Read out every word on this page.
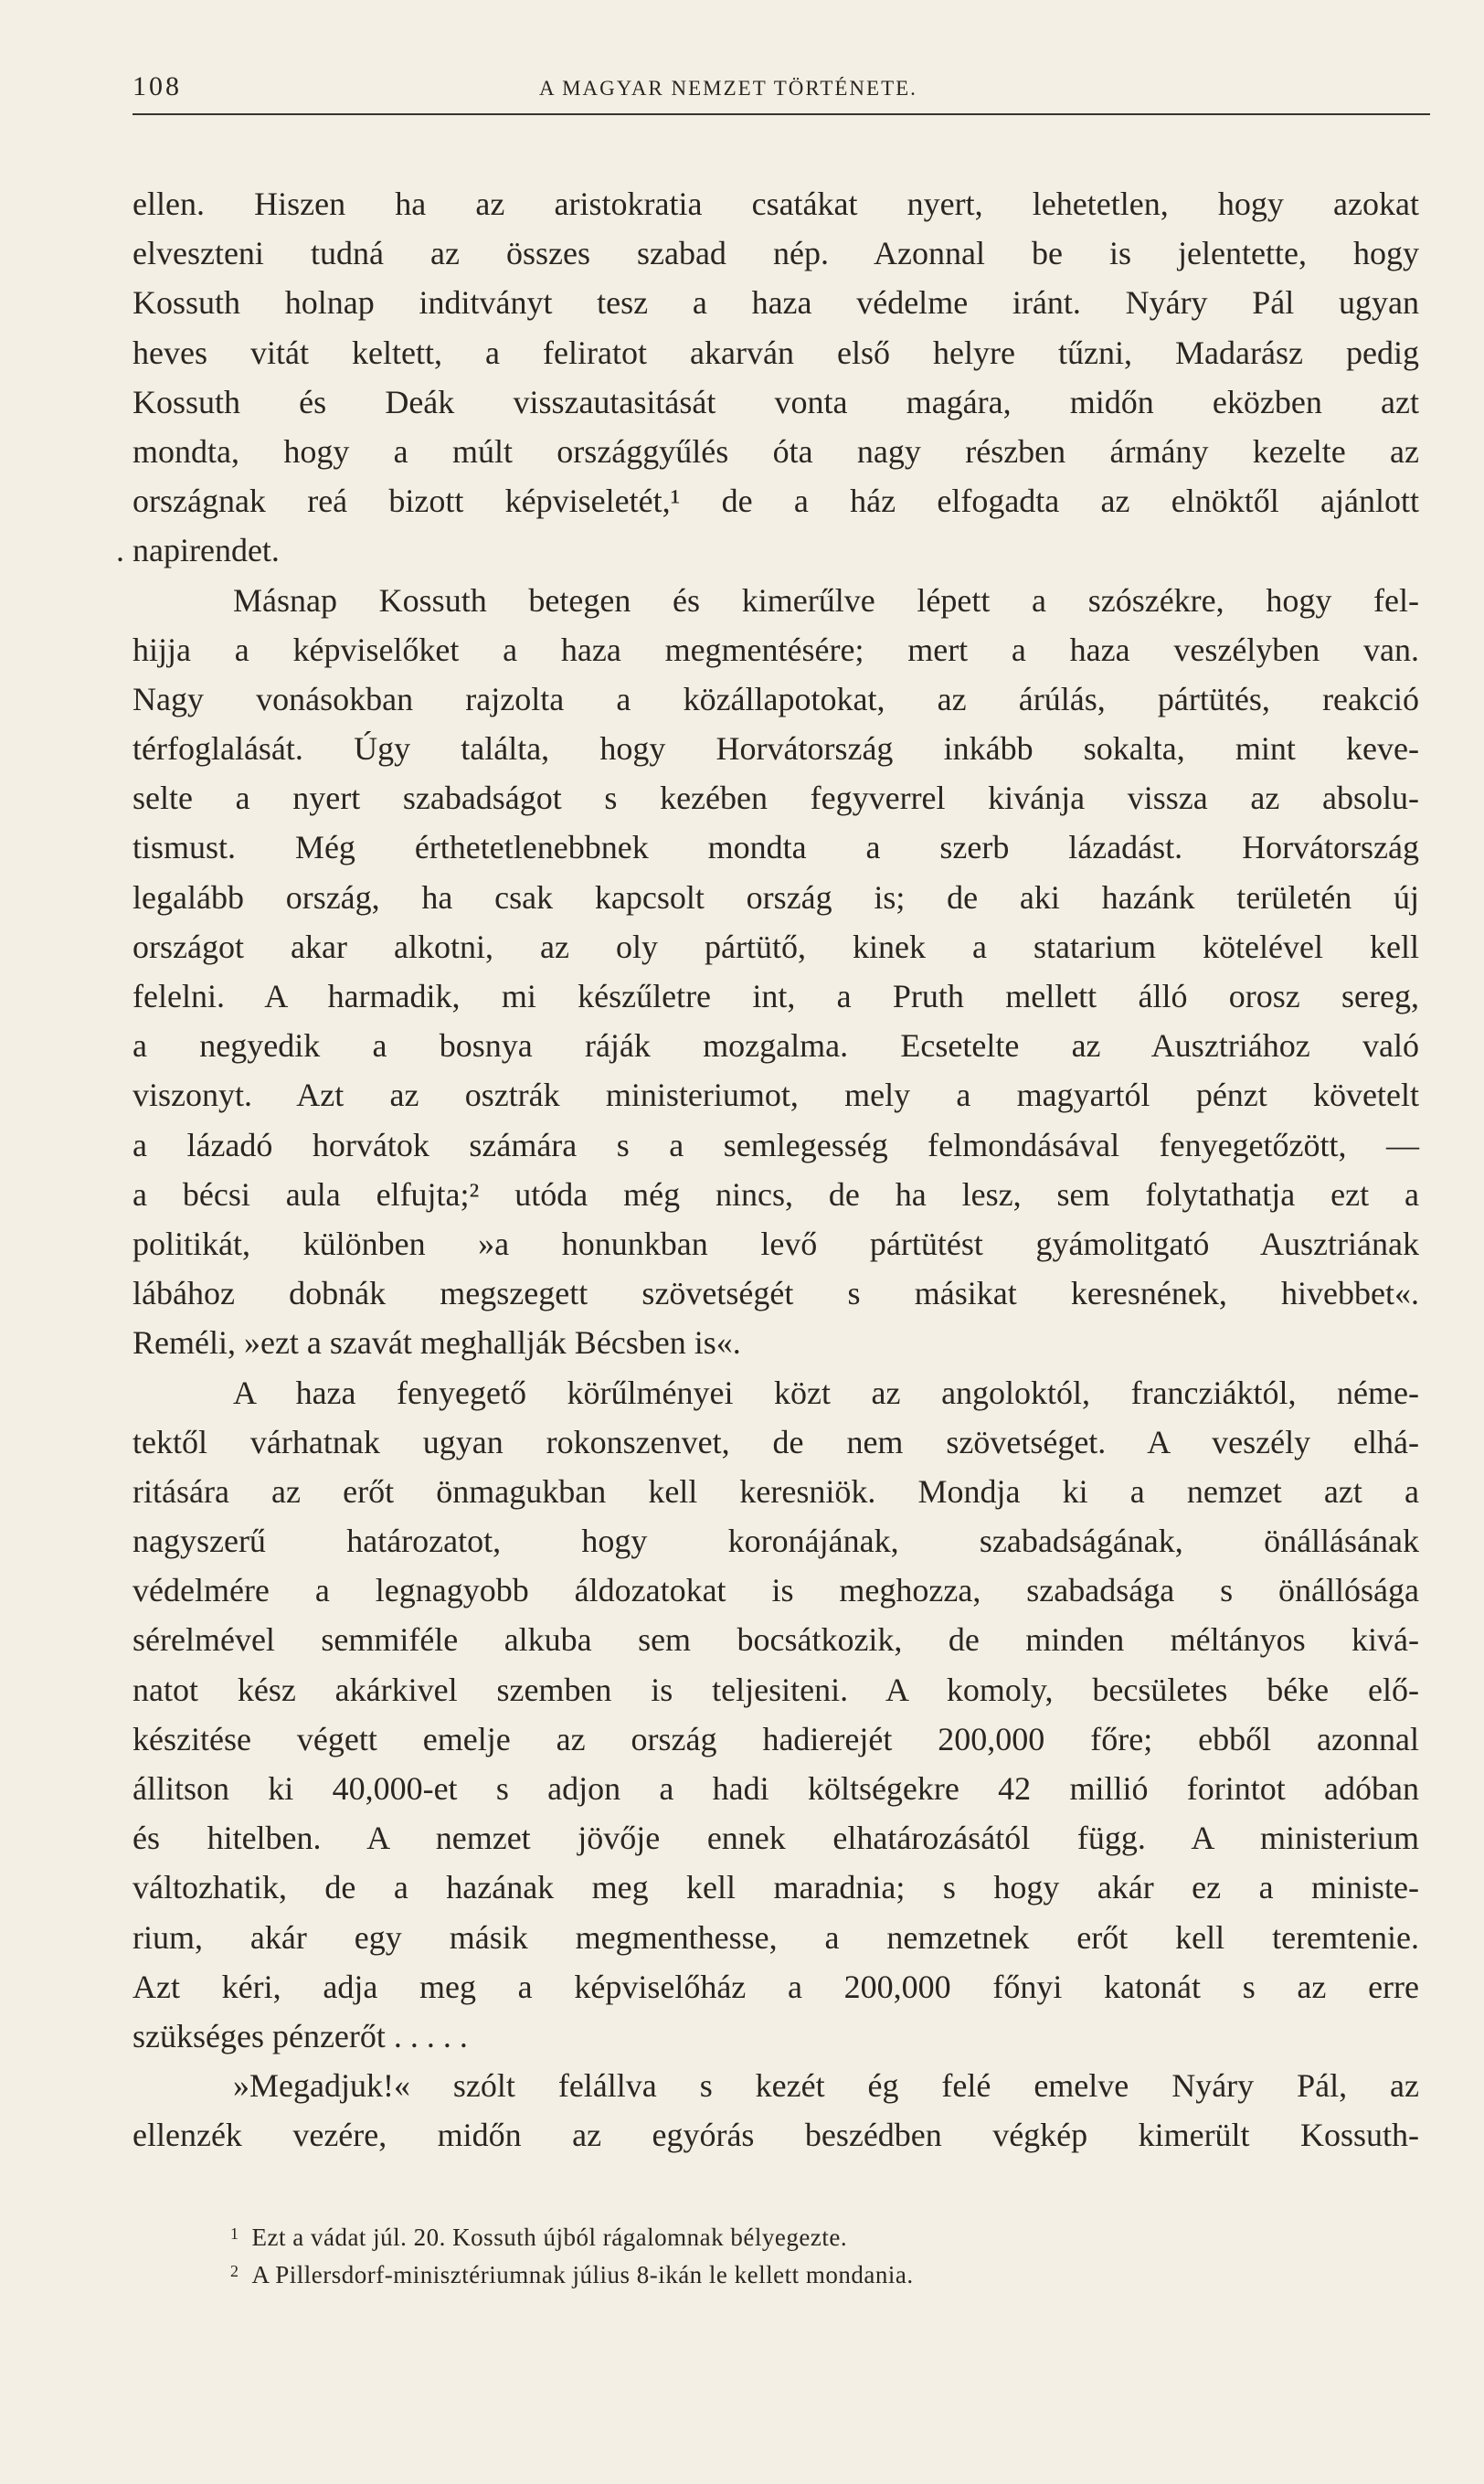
108	A MAGYAR NEMZET TÖRTÉNETE.
ellen. Hiszen ha az aristokratia csatákat nyert, lehetetlen, hogy azokat
elveszteni tudná az összes szabad nép. Azonnal be is jelentette, hogy
Kossuth holnap inditványt tesz a haza védelme iránt. Nyáry Pál ugyan
heves vitát keltett, a feliratot akarván első helyre tűzni, Madarász pedig
Kossuth és Deák visszautasitását vonta magára, midőn eközben azt
mondta, hogy a múlt országgyűlés óta nagy részben ármány kezelte az
országnak reá bizott képviseletét,¹ de a ház elfogadta az elnöktől ajánlott
. napirendet.
Másnap Kossuth betegen és kimerűlve lépett a szószékre, hogy fel-
hijja a képviselőket a haza megmentésére; mert a haza veszélyben van.
Nagy vonásokban rajzolta a közállapotokat, az árúlás, pártütés, reakció
térfoglalását. Úgy találta, hogy Horvátország inkább sokalta, mint keve-
selte a nyert szabadságot s kezében fegyverrel kivánja vissza az absolu-
tismust. Még érthetetlenebbnek mondta a szerb lázadást. Horvátország
legalább ország, ha csak kapcsolt ország is; de aki hazánk területén új
országot akar alkotni, az oly pártütő, kinek a statarium kötelével kell
felelni. A harmadik, mi készűletre int, a Pruth mellett álló orosz sereg,
a negyedik a bosnya ráják mozgalma. Ecsetelte az Ausztriához való
viszonyt. Azt az osztrák ministeriumot, mely a magyartól pénzt követelt
a lázadó horvátok számára s a semlegesség felmondásával fenyegetőzött, —
a bécsi aula elfujta;² utóda még nincs, de ha lesz, sem folytathatja ezt a
politikát, különben »a honunkban levő pártütést gyámolitgató Ausztriának
lábához dobnák megszegett szövetségét s másikat keresnének, hivebbet«.
Reméli, »ezt a szavát meghallják Bécsben is«.
A haza fenyegető körűlményei közt az angoloktól, francziáktól, néme-
tektől várhatnak ugyan rokonszenvet, de nem szövetséget. A veszély elhá-
ritására az erőt önmagukban kell keresniök. Mondja ki a nemzet azt a
nagyszerű határozatot, hogy koronájának, szabadságának, önállásának
védelmére a legnagyobb áldozatokat is meghozza, szabadsága s önállósága
sérelmével semmiféle alkuba sem bocsátkozik, de minden méltányos kivá-
natot kész akárkivel szemben is teljesiteni. A komoly, becsületes béke elő-
készitése végett emelje az ország hadierejét 200,000 főre; ebből azonnal
állitson ki 40,000-et s adjon a hadi költségekre 42 millió forintot adóban
és hitelben. A nemzet jövője ennek elhatározásától függ. A ministerium
változhatik, de a hazának meg kell maradnia; s hogy akár ez a ministe-
rium, akár egy másik megmenthesse, a nemzetnek erőt kell teremtenie.
Azt kéri, adja meg a képviselőház a 200,000 főnyi katonát s az erre
szükséges pénzerőt . . . . .
»Megadjuk!« szólt felállva s kezét ég felé emelve Nyáry Pál, az
ellenzék vezére, midőn az egyórás beszédben végkép kimerült Kossuth-
$^1$ Ezt a vádat júl. 20. Kossuth újból rágalomnak bélyegezte.
$^2$ A Pillersdorf-minisztériumnak július 8-ikán le kellett mondania.
